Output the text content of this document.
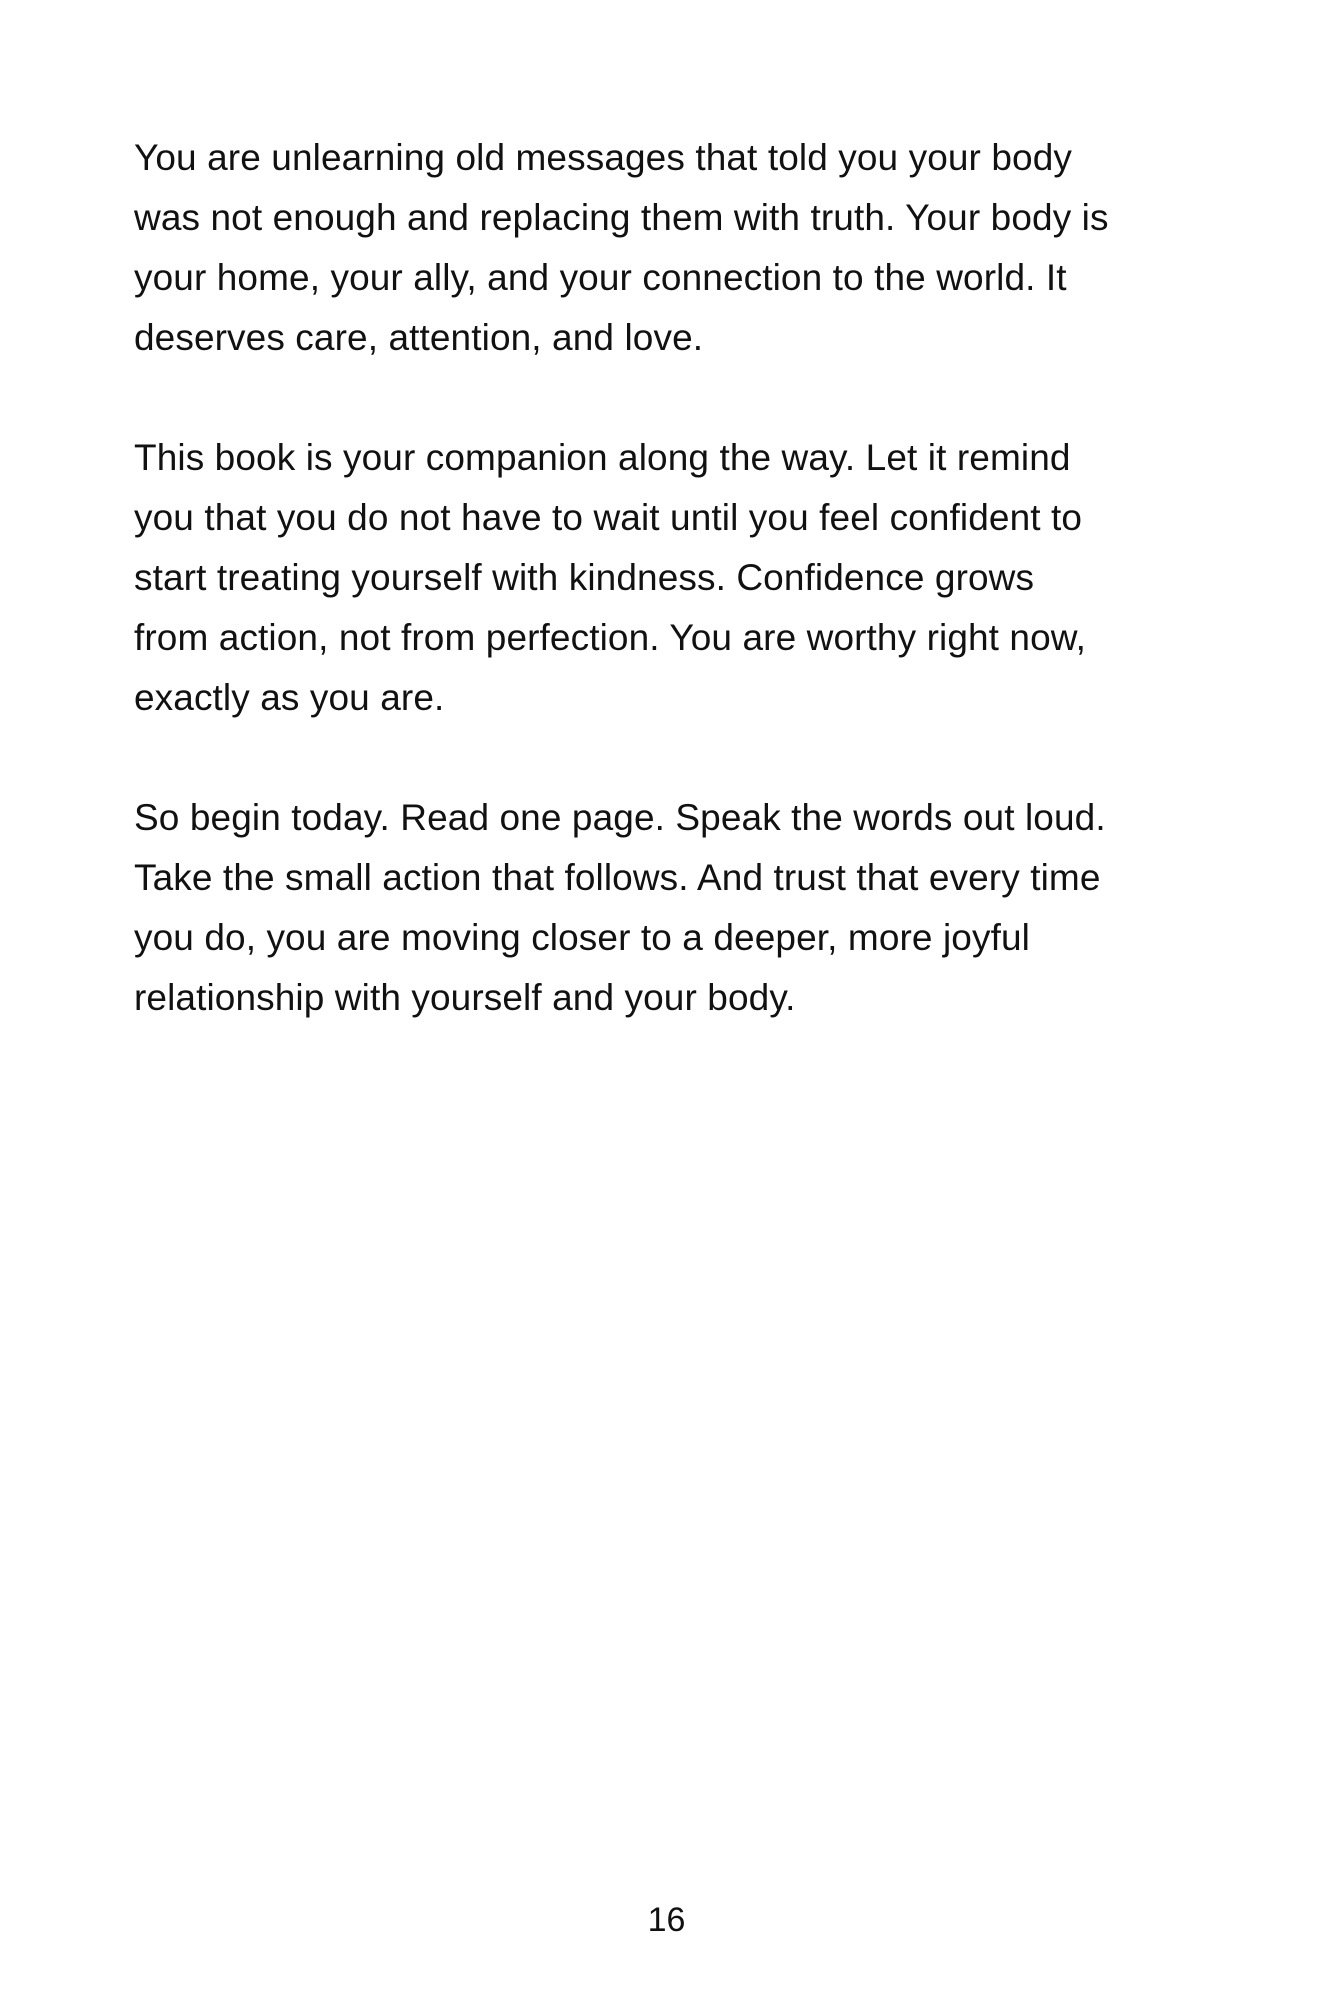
You are unlearning old messages that told you your body
was not enough and replacing them with truth. Your body is
your home, your ally, and your connection to the world. It
deserves care, attention, and love.

This book is your companion along the way. Let it remind
you that you do not have to wait until you feel confident to
start treating yourself with kindness. Confidence grows
from action, not from perfection. You are worthy right now,
exactly as you are.

So begin today. Read one page. Speak the words out loud.
Take the small action that follows. And trust that every time
you do, you are moving closer to a deeper, more joyful
relationship with yourself and your body.

16
